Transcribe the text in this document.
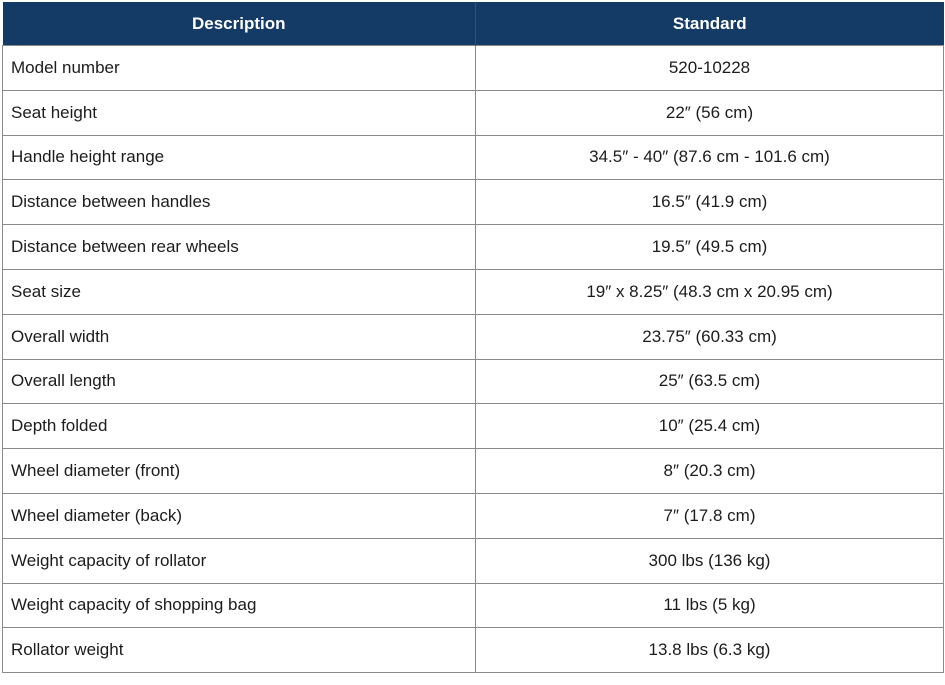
Description	Standard
Model number	520-10228
Seat height	22″ (56 cm)
Handle height range	34.5″ - 40″ (87.6 cm - 101.6 cm)
Distance between handles	16.5″ (41.9 cm)
Distance between rear wheels	19.5″ (49.5 cm)
Seat size	19″ x 8.25″ (48.3 cm x 20.95 cm)
Overall width	23.75″ (60.33 cm)
Overall length	25″ (63.5 cm)
Depth folded	10″ (25.4 cm)
Wheel diameter (front)	8″ (20.3 cm)
Wheel diameter (back)	7″ (17.8 cm)
Weight capacity of rollator	300 lbs (136 kg)
Weight capacity of shopping bag	11 lbs (5 kg)
Rollator weight	13.8 lbs (6.3 kg)
